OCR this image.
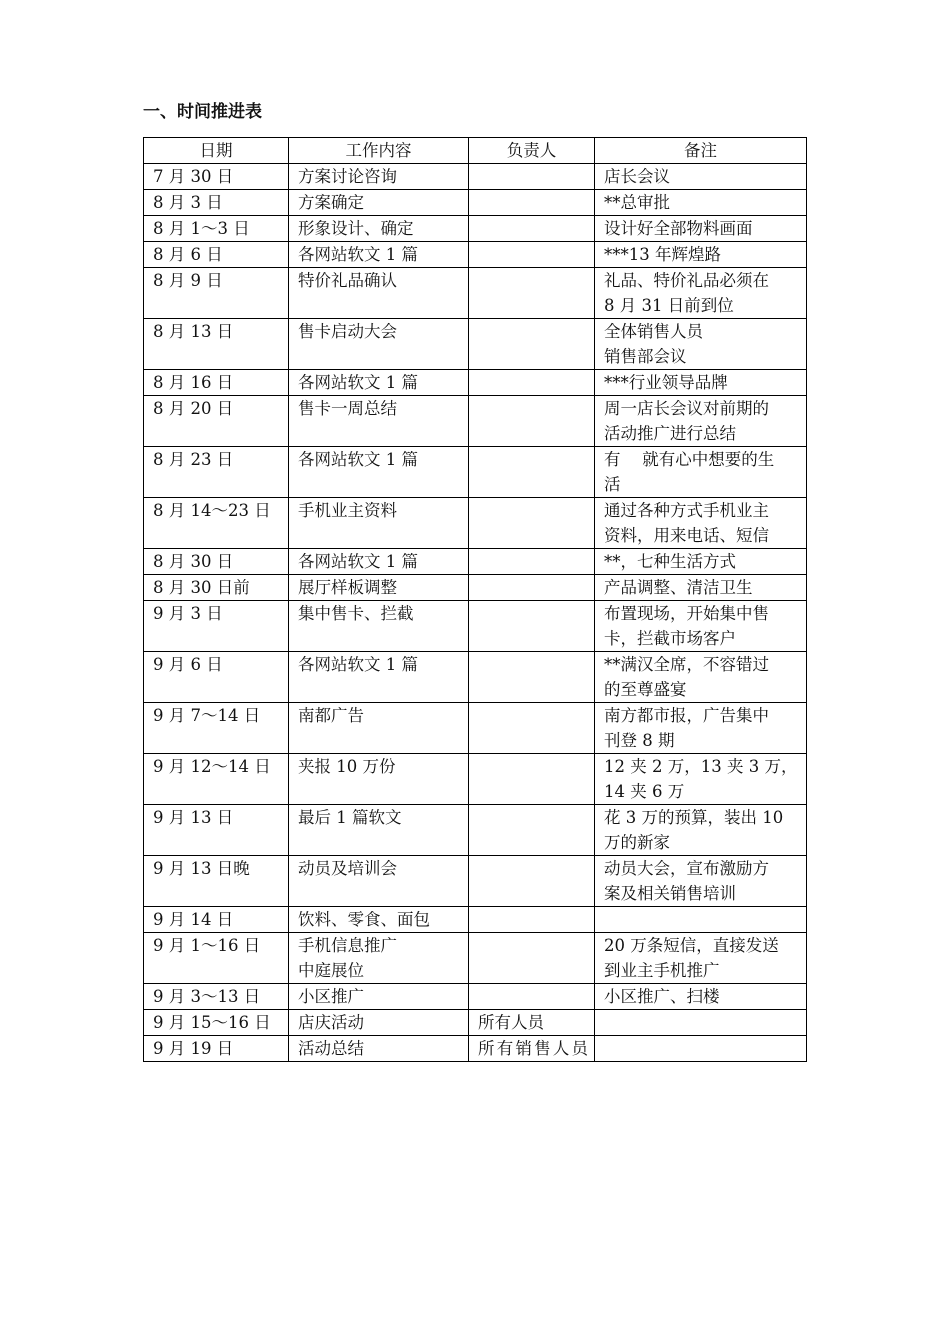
一、时间推进表
日期	工作内容	负责人	备注
7 月 30 日	方案讨论咨询		店长会议

8 月 3 日	方案确定		**总审批

8 月 1～3 日	形象设计、确定		设计好全部物料画面

8 月 6 日	各网站软文 1 篇		***13 年辉煌路

8 月 9 日	特价礼品确认		礼品、特价礼品必须在
8 月 31 日前到位

8 月 13 日	售卡启动大会		全体销售人员
销售部会议

8 月 16 日	各网站软文 1 篇		***行业领导品牌

8 月 20 日	售卡一周总结		周一店长会议对前期的
活动推广进行总结

8 月 23 日	各网站软文 1 篇		有　 就有心中想要的生
活

8 月 14～23 日	手机业主资料		通过各种方式手机业主
资料，用来电话、短信

8 月 30 日	各网站软文 1 篇		**，七种生活方式

8 月 30 日前	展厅样板调整		产品调整、清洁卫生

9 月 3 日	集中售卡、拦截		布置现场，开始集中售
卡，拦截市场客户

9 月 6 日	各网站软文 1 篇		**满汉全席，不容错过
的至尊盛宴

9 月 7～14 日	南都广告		南方都市报，广告集中
刊登 8 期

9 月 12～14 日	夹报 10 万份		12 夹 2 万，13 夹 3 万，
14 夹 6 万

9 月 13 日	最后 1 篇软文		花 3 万的预算，装出 10
万的新家

9 月 13 日晚	动员及培训会		动员大会，宣布激励方
案及相关销售培训

9 月 14 日	饮料、零食、面包		

9 月 1～16 日	手机信息推广
中庭展位		20 万条短信，直接发送
到业主手机推广

9 月 3～13 日	小区推广		小区推广、扫楼

9 月 15～16 日	店庆活动	所有人员	
9 月 19 日	活动总结	所有销售人员	
